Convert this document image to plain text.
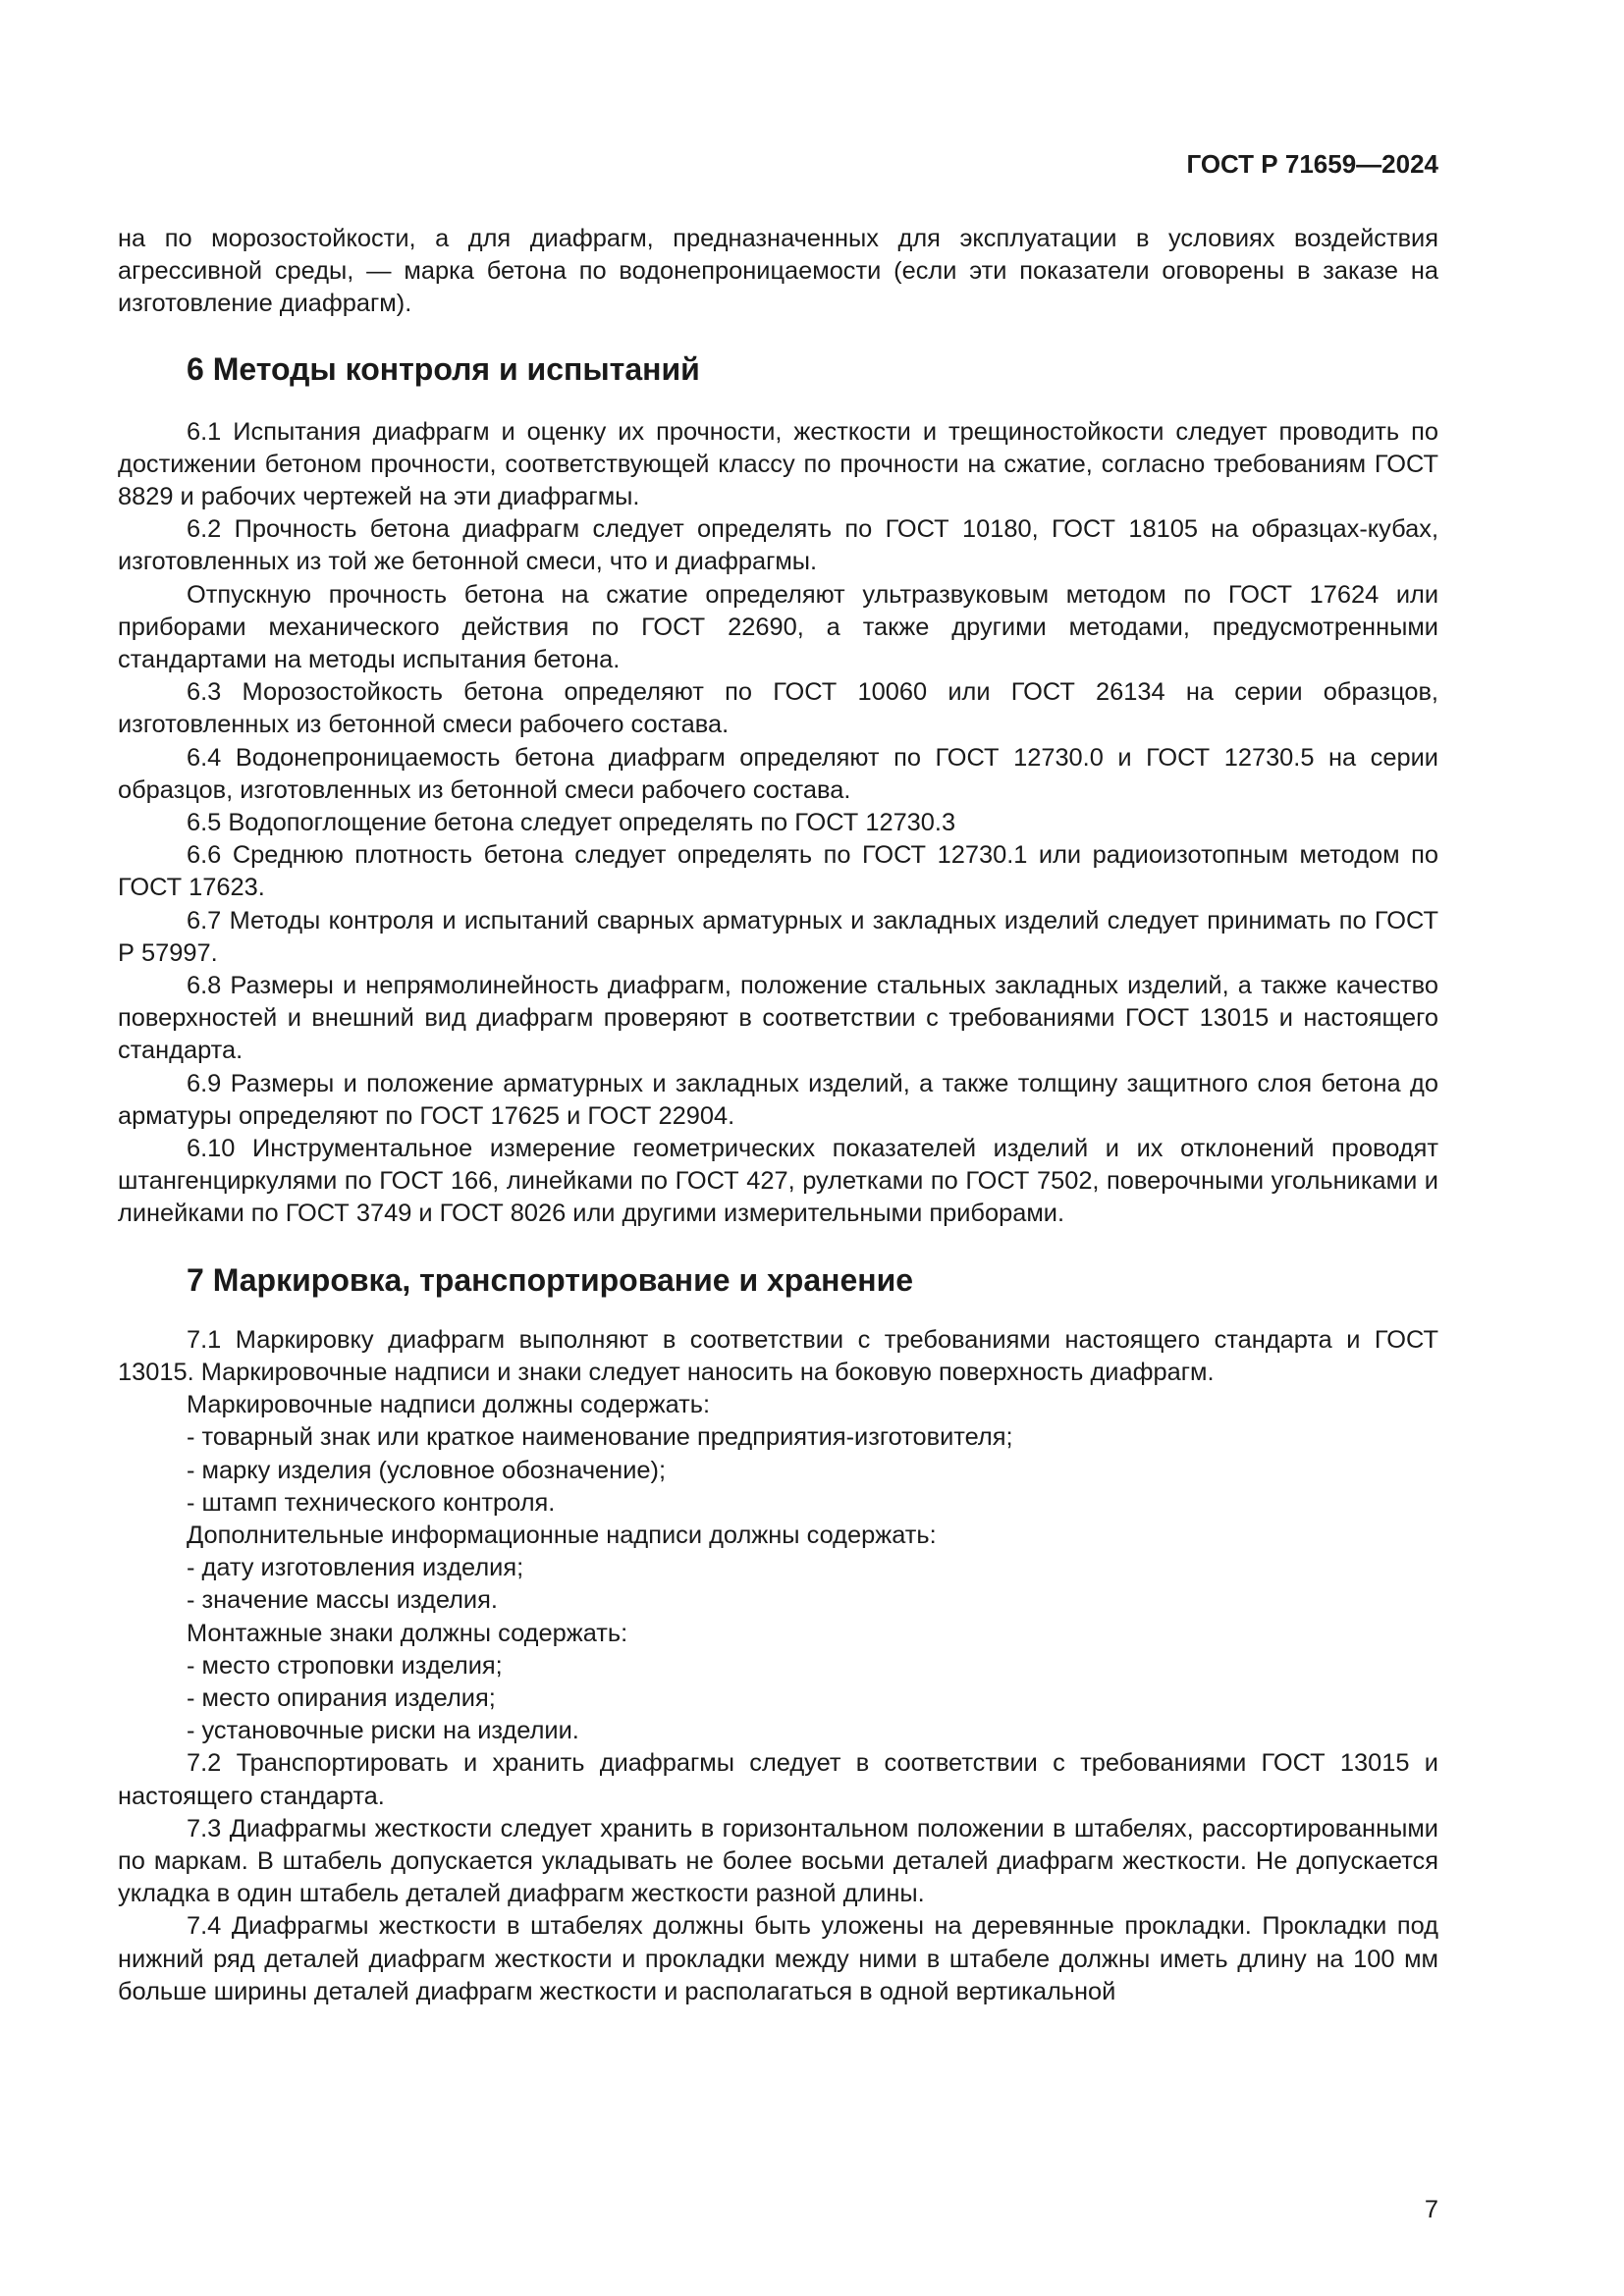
ГОСТ Р 71659—2024

на по морозостойкости, а для диафрагм, предназначенных для эксплуатации в условиях воздействия агрессивной среды, — марка бетона по водонепроницаемости (если эти показатели оговорены в заказе на изготовление диафрагм).

6 Методы контроля и испытаний

6.1 Испытания диафрагм и оценку их прочности, жесткости и трещиностойкости следует проводить по достижении бетоном прочности, соответствующей классу по прочности на сжатие, согласно требованиям ГОСТ 8829 и рабочих чертежей на эти диафрагмы.

6.2 Прочность бетона диафрагм следует определять по ГОСТ 10180, ГОСТ 18105 на образцах-кубах, изготовленных из той же бетонной смеси, что и диафрагмы.

Отпускную прочность бетона на сжатие определяют ультразвуковым методом по ГОСТ 17624 или приборами механического действия по ГОСТ 22690, а также другими методами, предусмотренными стандартами на методы испытания бетона.

6.3 Морозостойкость бетона определяют по ГОСТ 10060 или ГОСТ 26134 на серии образцов, изготовленных из бетонной смеси рабочего состава.

6.4 Водонепроницаемость бетона диафрагм определяют по ГОСТ 12730.0 и ГОСТ 12730.5 на серии образцов, изготовленных из бетонной смеси рабочего состава.

6.5 Водопоглощение бетона следует определять по ГОСТ 12730.3

6.6 Среднюю плотность бетона следует определять по ГОСТ 12730.1 или радиоизотопным методом по ГОСТ 17623.

6.7 Методы контроля и испытаний сварных арматурных и закладных изделий следует принимать по ГОСТ Р 57997.

6.8 Размеры и непрямолинейность диафрагм, положение стальных закладных изделий, а также качество поверхностей и внешний вид диафрагм проверяют в соответствии с требованиями ГОСТ 13015 и настоящего стандарта.

6.9 Размеры и положение арматурных и закладных изделий, а также толщину защитного слоя бетона до арматуры определяют по ГОСТ 17625 и ГОСТ 22904.

6.10 Инструментальное измерение геометрических показателей изделий и их отклонений проводят штангенциркулями по ГОСТ 166, линейками по ГОСТ 427, рулетками по ГОСТ 7502, поверочными угольниками и линейками по ГОСТ 3749 и ГОСТ 8026 или другими измерительными приборами.

7 Маркировка, транспортирование и хранение

7.1 Маркировку диафрагм выполняют в соответствии с требованиями настоящего стандарта и ГОСТ 13015. Маркировочные надписи и знаки следует наносить на боковую поверхность диафрагм.

Маркировочные надписи должны содержать:

- товарный знак или краткое наименование предприятия-изготовителя;

- марку изделия (условное обозначение);

- штамп технического контроля.

Дополнительные информационные надписи должны содержать:

- дату изготовления изделия;

- значение массы изделия.

Монтажные знаки должны содержать:

- место строповки изделия;

- место опирания изделия;

- установочные риски на изделии.

7.2 Транспортировать и хранить диафрагмы следует в соответствии с требованиями ГОСТ 13015 и настоящего стандарта.

7.3 Диафрагмы жесткости следует хранить в горизонтальном положении в штабелях, рассортированными по маркам. В штабель допускается укладывать не более восьми деталей диафрагм жесткости. Не допускается укладка в один штабель деталей диафрагм жесткости разной длины.

7.4 Диафрагмы жесткости в штабелях должны быть уложены на деревянные прокладки. Прокладки под нижний ряд деталей диафрагм жесткости и прокладки между ними в штабеле должны иметь длину на 100 мм больше ширины деталей диафрагм жесткости и располагаться в одной вертикальной

7
